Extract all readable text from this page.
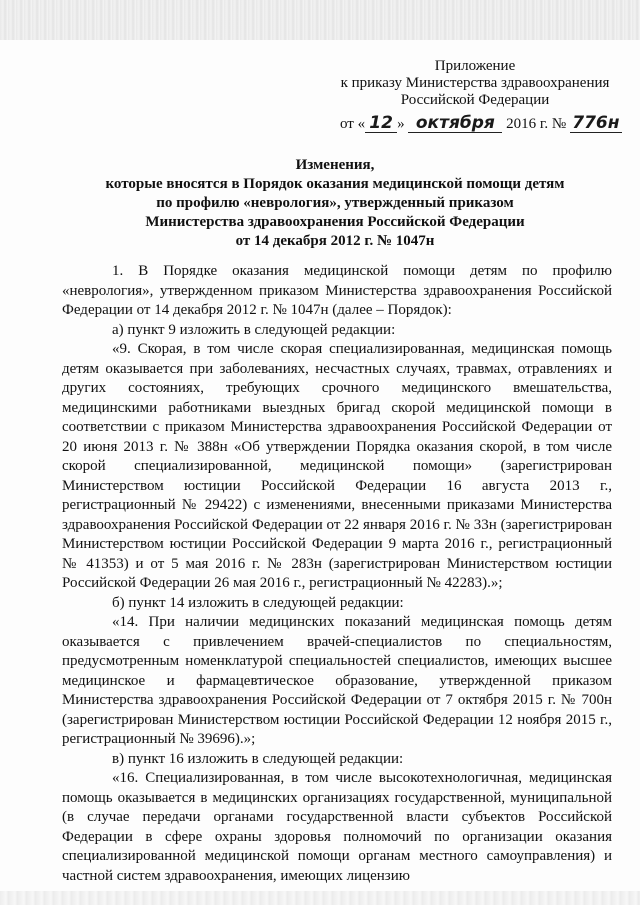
Приложение
к приказу Министерства здравоохранения
Российской Федерации
от « 12 » октября 2016 г. № 776н
Изменения,
которые вносятся в Порядок оказания медицинской помощи детям
по профилю «неврология», утвержденный приказом
Министерства здравоохранения Российской Федерации
от 14 декабря 2012 г. № 1047н

1. В Порядке оказания медицинской помощи детям по профилю «неврология», утвержденном приказом Министерства здравоохранения Российской Федерации от 14 декабря 2012 г. № 1047н (далее – Порядок):

а) пункт 9 изложить в следующей редакции:

«9. Скорая, в том числе скорая специализированная, медицинская помощь детям оказывается при заболеваниях, несчастных случаях, травмах, отравлениях и других состояниях, требующих срочного медицинского вмешательства, медицинскими работниками выездных бригад скорой медицинской помощи в соответствии с приказом Министерства здравоохранения Российской Федерации от 20 июня 2013 г. № 388н «Об утверждении Порядка оказания скорой, в том числе скорой специализированной, медицинской помощи» (зарегистрирован Министерством юстиции Российской Федерации 16 августа 2013 г., регистрационный № 29422) с изменениями, внесенными приказами Министерства здравоохранения Российской Федерации от 22 января 2016 г. № 33н (зарегистрирован Министерством юстиции Российской Федерации 9 марта 2016 г., регистрационный № 41353) и от 5 мая 2016 г. № 283н (зарегистрирован Министерством юстиции Российской Федерации 26 мая 2016 г., регистрационный № 42283).»;

б) пункт 14 изложить в следующей редакции:

«14. При наличии медицинских показаний медицинская помощь детям оказывается с привлечением врачей-специалистов по специальностям, предусмотренным номенклатурой специальностей специалистов, имеющих высшее медицинское и фармацевтическое образование, утвержденной приказом Министерства здравоохранения Российской Федерации от 7 октября 2015 г. № 700н (зарегистрирован Министерством юстиции Российской Федерации 12 ноября 2015 г., регистрационный № 39696).»;

в) пункт 16 изложить в следующей редакции:

«16. Специализированная, в том числе высокотехнологичная, медицинская помощь оказывается в медицинских организациях государственной, муниципальной (в случае передачи органами государственной власти субъектов Российской Федерации в сфере охраны здоровья полномочий по организации оказания специализированной медицинской помощи органам местного самоуправления) и частной систем здравоохранения, имеющих лицензию
